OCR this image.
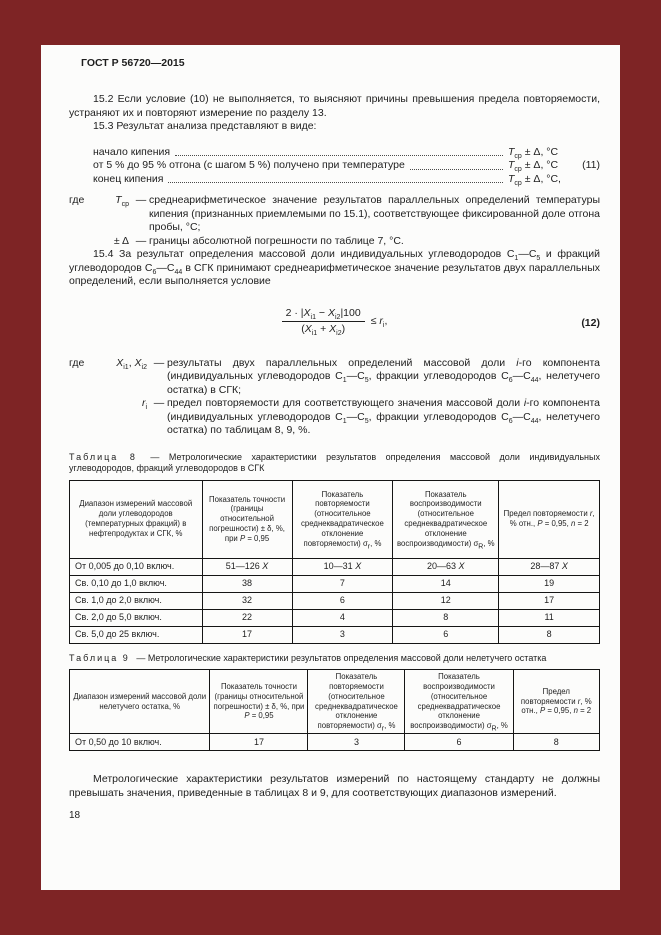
ГОСТ Р 56720—2015

15.2 Если условие (10) не выполняется, то выясняют причины превышения предела повторяемости, устраняют их и повторяют измерение по разделу 13.

15.3 Результат анализа представляют в виде:

начало кипения	$T_{ср} \pm \Delta$, °С
от 5 % до 95 % отгона (с шагом 5 %) получено при температуре	$T_{ср} \pm \Delta$, °С	(11)
конец кипения	$T_{ср} \pm \Delta$, °С,
где	$T_{ср}$ — среднеарифметическое значение результатов параллельных определений температуры кипения (признанных приемлемыми по 15.1), соответствующее фиксированной доле отгона пробы, °С;
± Δ — границы абсолютной погрешности по таблице 7, °С.

15.4 За результат определения массовой доли индивидуальных углеводородов $С_1—С_5$ и фракций углеводородов $С_6—С_{44}$ в СГК принимают среднеарифметическое значение результатов двух параллельных определений, если выполняется условие

$\frac{2 \cdot |X_{i1} - X_{i2}|100}{(X_{i1} + X_{i2})} \le r_i$,	(12)
где	$X_{i1}$, $X_{i2}$ — результаты двух параллельных определений массовой доли i-го компонента (индивидуальных углеводородов $С_1—С_5$, фракции углеводородов $С_6—С_{44}$, нелетучего остатка) в СГК;
$r_i$ — предел повторяемости для соответствующего значения массовой доли i-го компонента (индивидуальных углеводородов $С_1—С_5$, фракции углеводородов $С_6—С_{44}$, нелетучего остатка) по таблицам 8, 9, %.

Таблица 8 — Метрологические характеристики результатов определения массовой доли индивидуальных углеводородов, фракций углеводородов в СГК

Диапазон измерений массовой доли углеводородов (температурных фракций) в нефтепродуктах и СГК, %	Показатель точности (границы относительной погрешности) ± δ, %, при Р = 0,95	Показатель повторяемости (относительное среднеквадратическое отклонение повторяемости) $\sigma_r$, %	Показатель воспроизводимости (относительное среднеквадратическое отклонение воспроизводимости) $\sigma_R$, %	Предел повторяемости r, % отн., Р = 0,95, n = 2
От 0,005 до 0,10 включ.	51—126 X	10—31 X	20—63 X	28—87 X
Св. 0,10 до 1,0 включ.	38	7	14	19
Св. 1,0 до 2,0 включ.	32	6	12	17
Св. 2,0 до 5,0 включ.	22	4	8	11
Св. 5,0 до 25 включ.	17	3	6	8

Таблица 9 — Метрологические характеристики результатов определения массовой доли нелетучего остатка

Диапазон измерений массовой доли нелетучего остатка, %	Показатель точности (границы относительной погрешности) ± δ, %, при Р = 0,95	Показатель повторяемости (относительное среднеквадратическое отклонение повторяемости) $\sigma_r$, %	Показатель воспроизводимости (относительное среднеквадратическое отклонение воспроизводимости) $\sigma_R$, %	Предел повторяемости r, % отн., Р = 0,95, n = 2
От 0,50 до 10 включ.	17	3	6	8

Метрологические характеристики результатов измерений по настоящему стандарту не должны превышать значения, приведенные в таблицах 8 и 9, для соответствующих диапазонов измерений.

18
